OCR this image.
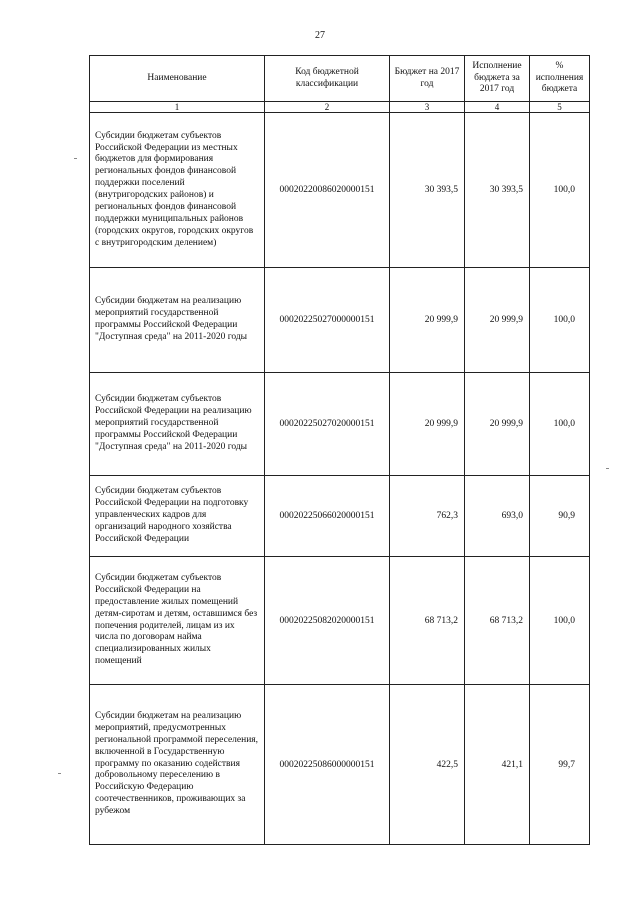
27
Наименование	Код бюджетной классификации	Бюджет на 2017 год	Исполнение бюджета за 2017 год	% исполнения бюджета
1	2	3	4	5
Субсидии бюджетам субъектов Российской Федерации из местных бюджетов для формирования региональных фондов финансовой поддержки поселений (внутригородских районов) и региональных фондов финансовой поддержки муниципальных районов (городских округов, городских округов с внутригородским делением)	00020220086020000151	30 393,5	30 393,5	100,0
Субсидии бюджетам на реализацию мероприятий государственной программы Российской Федерации "Доступная среда" на 2011-2020 годы	00020225027000000151	20 999,9	20 999,9	100,0
Субсидии бюджетам субъектов Российской Федерации на реализацию мероприятий государственной программы Российской Федерации "Доступная среда" на 2011-2020 годы	00020225027020000151	20 999,9	20 999,9	100,0
Субсидии бюджетам субъектов Российской Федерации на подготовку управленческих кадров для организаций народного хозяйства Российской Федерации	00020225066020000151	762,3	693,0	90,9
Субсидии бюджетам субъектов Российской Федерации на предоставление жилых помещений детям-сиротам и детям, оставшимся без попечения родителей, лицам из их числа по договорам найма специализированных жилых помещений	00020225082020000151	68 713,2	68 713,2	100,0
Субсидии бюджетам на реализацию мероприятий, предусмотренных региональной программой переселения, включенной в Государственную программу по оказанию содействия добровольному переселению в Российскую Федерацию соотечественников, проживающих за рубежом	00020225086000000151	422,5	421,1	99,7
